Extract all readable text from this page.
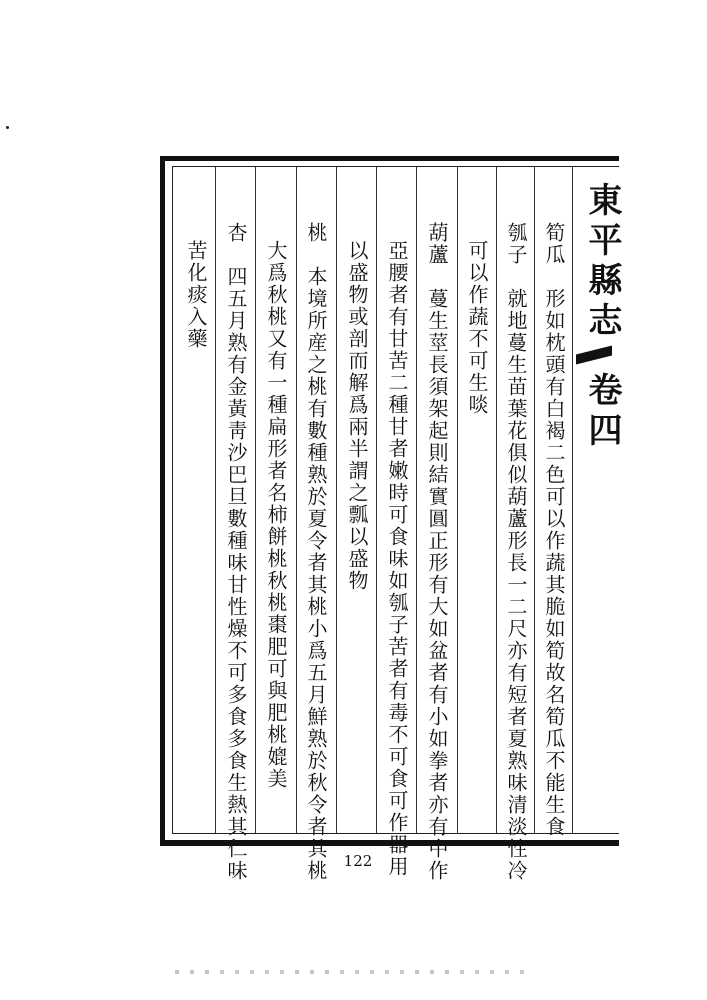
東平縣志
卷四
筍瓜　形如枕頭有白褐二色可以作蔬其脆如筍故名筍瓜不能生食
瓠子　就地蔓生苗葉花俱似葫蘆形長一二尺亦有短者夏熟味清淡性冷
可以作蔬不可生啖
葫蘆　蔓生莖長須架起則結實圓正形有大如盆者有小如拳者亦有中作
亞腰者有甘苦二種甘者嫩時可食味如瓠子苦者有毒不可食可作器用
以盛物或剖而解爲兩半謂之瓢以盛物
桃　本境所産之桃有數種熟於夏令者其桃小爲五月鮮熟於秋令者其桃
大爲秋桃又有一種扁形者名柿餅桃秋桃棗肥可與肥桃媲美
杏　四五月熟有金黃靑沙巴旦數種味甘性燥不可多食多食生熱其仁味
苦化痰入藥
122
